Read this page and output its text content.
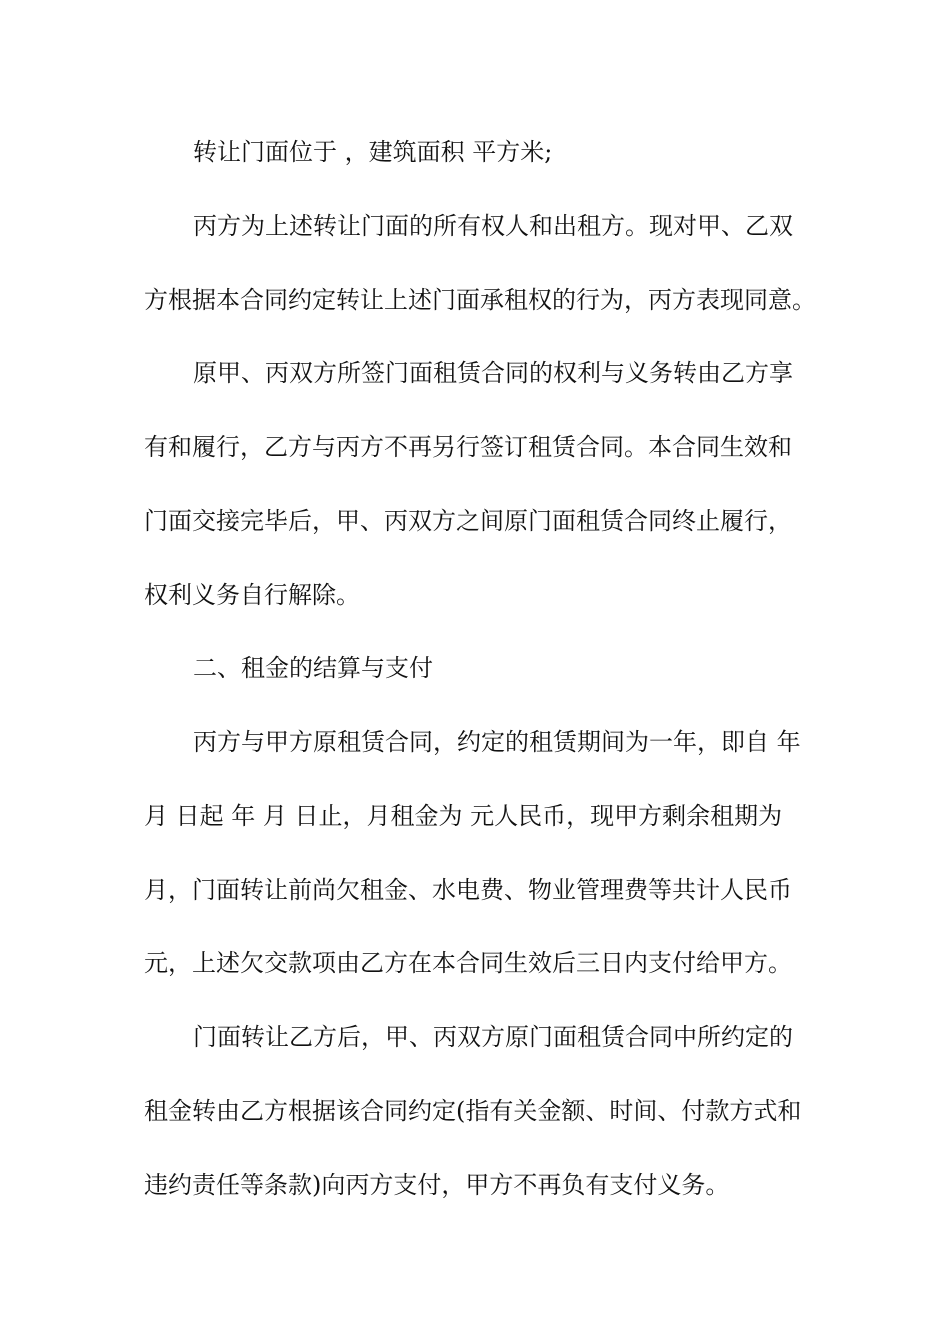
转让门面位于 ，建筑面积 平方米;
丙方为上述转让门面的所有权人和出租方。现对甲、乙双
方根据本合同约定转让上述门面承租权的行为，丙方表现同意。
原甲、丙双方所签门面租赁合同的权利与义务转由乙方享
有和履行，乙方与丙方不再另行签订租赁合同。本合同生效和
门面交接完毕后，甲、丙双方之间原门面租赁合同终止履行，
权利义务自行解除。
二、租金的结算与支付
丙方与甲方原租赁合同，约定的租赁期间为一年，即自 年
月 日起 年 月 日止，月租金为 元人民币，现甲方剩余租期为
月，门面转让前尚欠租金、水电费、物业管理费等共计人民币
元，上述欠交款项由乙方在本合同生效后三日内支付给甲方。
门面转让乙方后，甲、丙双方原门面租赁合同中所约定的
租金转由乙方根据该合同约定(指有关金额、时间、付款方式和
违约责任等条款)向丙方支付，甲方不再负有支付义务。
